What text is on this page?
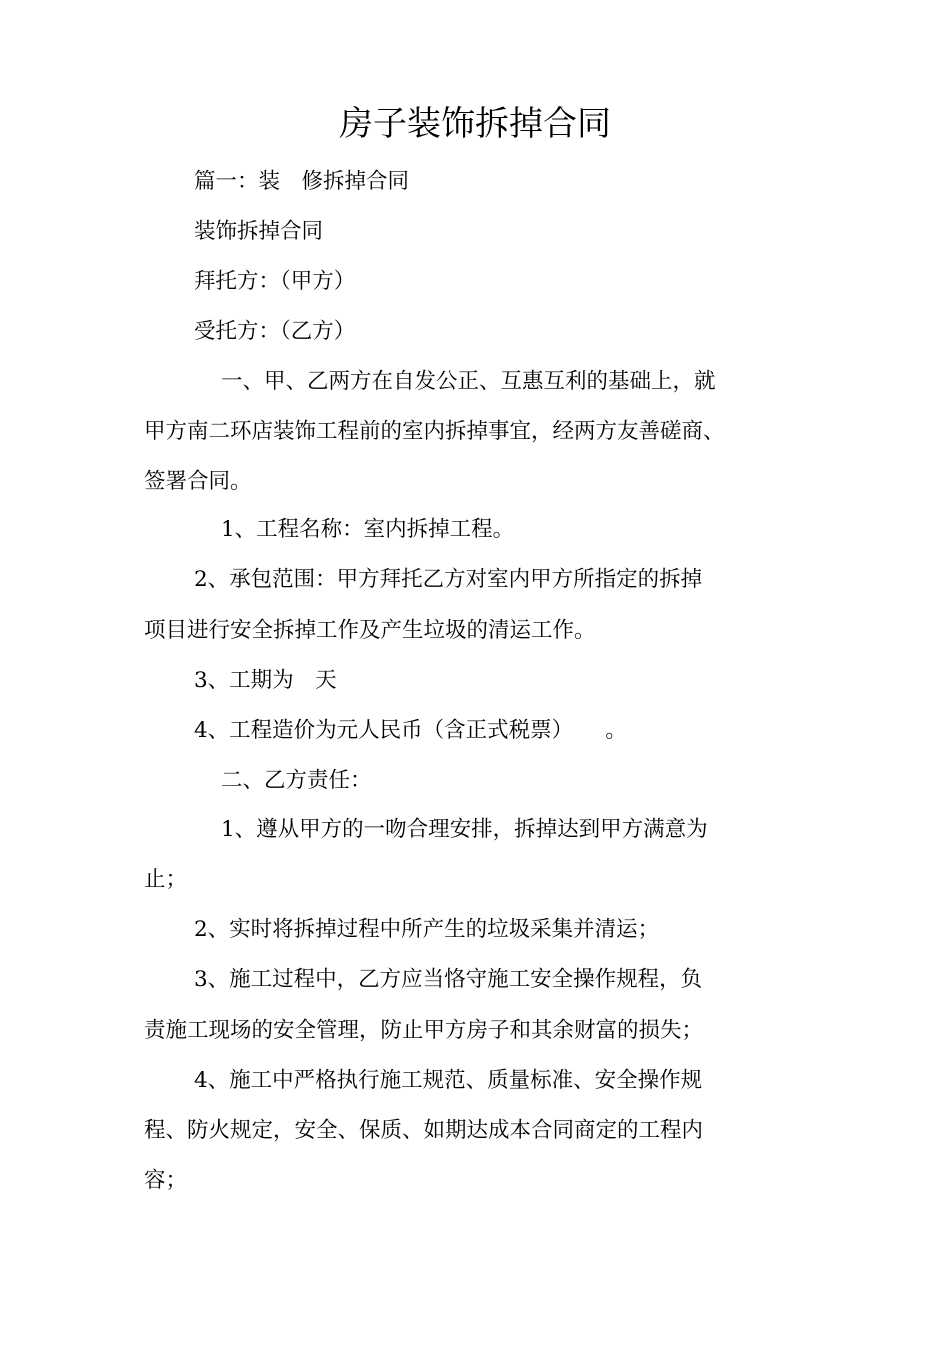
房子装饰拆掉合同
篇一：装　修拆掉合同
装饰拆掉合同
拜托方：（甲方）
受托方：（乙方）
一、甲、乙两方在自发公正、互惠互利的基础上，就
甲方南二环店装饰工程前的室内拆掉事宜，经两方友善磋商、
签署合同。
1、工程名称：室内拆掉工程。
2、承包范围：甲方拜托乙方对室内甲方所指定的拆掉
项目进行安全拆掉工作及产生垃圾的清运工作。
3、工期为　天
4、工程造价为元人民币（含正式税票）　　。
二、乙方责任：
1、遵从甲方的一吻合理安排，拆掉达到甲方满意为
止；
2、实时将拆掉过程中所产生的垃圾采集并清运；
3、施工过程中，乙方应当恪守施工安全操作规程，负
责施工现场的安全管理，防止甲方房子和其余财富的损失；
4、施工中严格执行施工规范、质量标准、安全操作规
程、防火规定，安全、保质、如期达成本合同商定的工程内
容；
